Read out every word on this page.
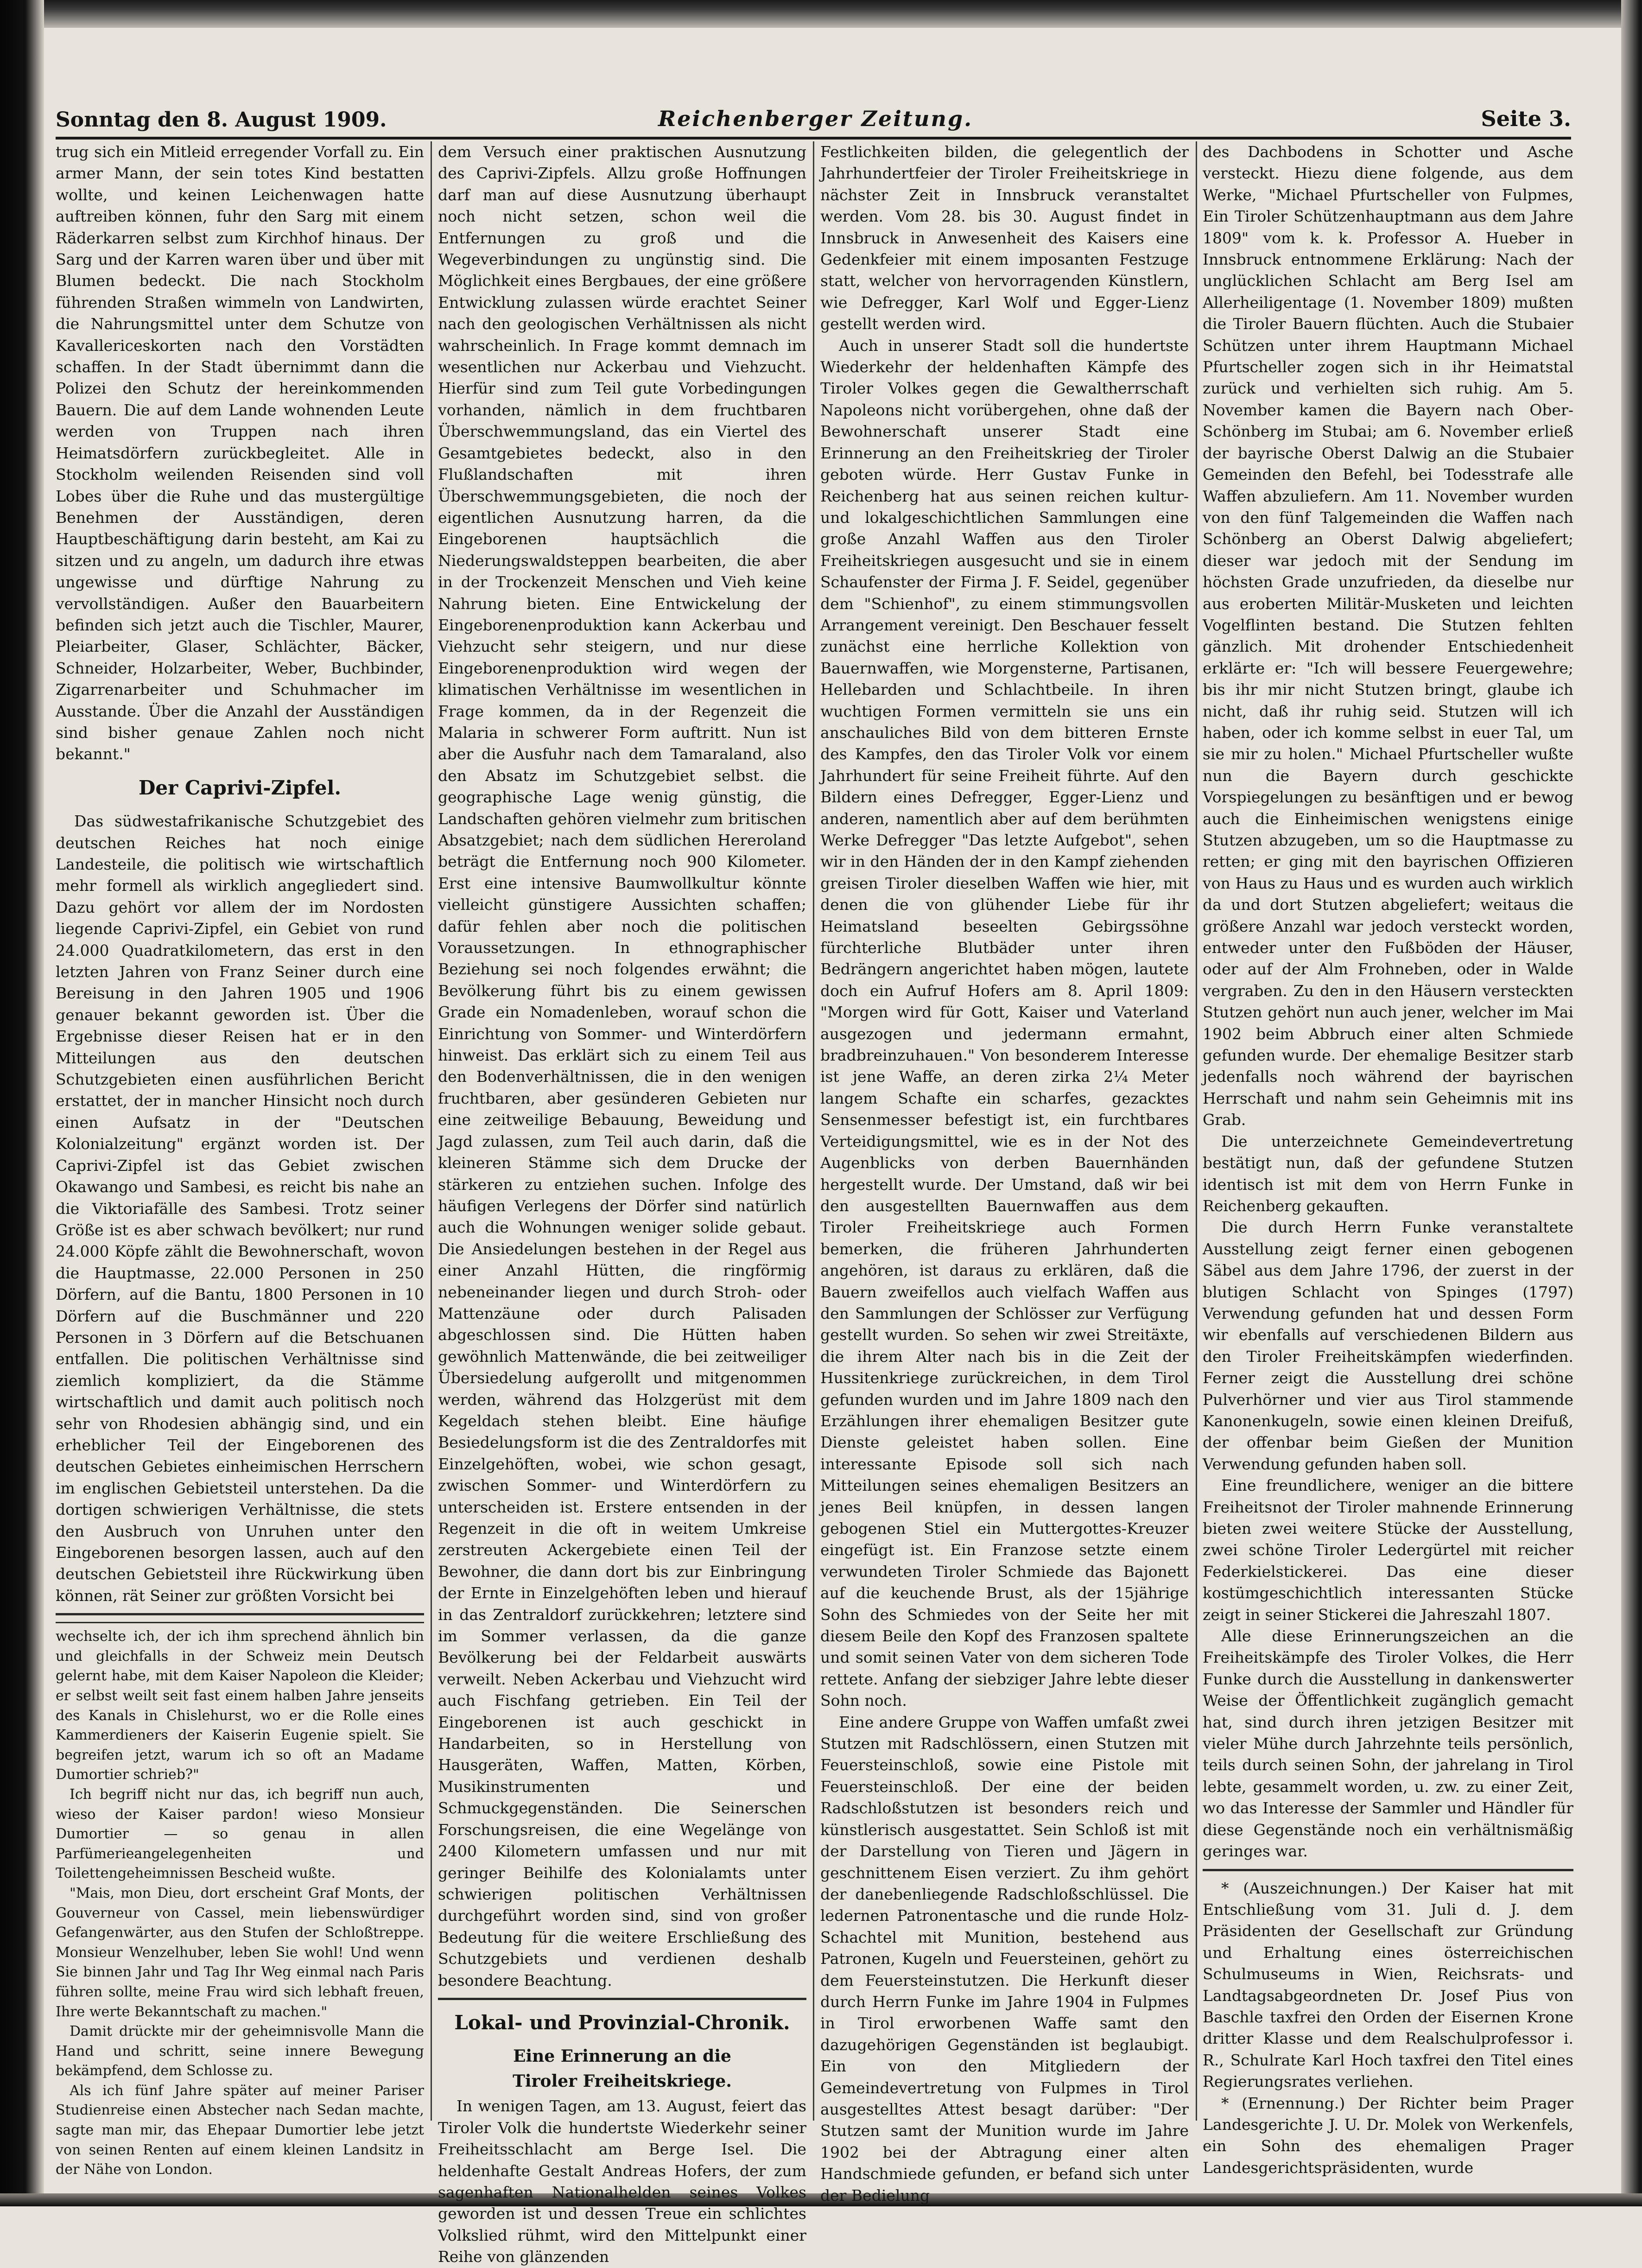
Sonntag den 8. August 1909.	Reichenberger Zeitung.	Seite 3.

trug sich ein Mitleid erregender Vorfall zu. Ein armer Mann, der sein totes Kind bestatten wollte, und keinen Leichenwagen hatte auftreiben können, fuhr den Sarg mit einem Räderkarren selbst zum Kirchhof hinaus. Der Sarg und der Karren waren über und über mit Blumen bedeckt. Die nach Stockholm führenden Straßen wimmeln von Landwirten, die Nahrungsmittel unter dem Schutze von Kavallericeskorten nach den Vorstädten schaffen. In der Stadt übernimmt dann die Polizei den Schutz der hereinkommenden Bauern. Die auf dem Lande wohnenden Leute werden von Truppen nach ihren Heimatsdörfern zurückbegleitet. Alle in Stockholm weilenden Reisenden sind voll Lobes über die Ruhe und das mustergültige Benehmen der Ausständigen, deren Hauptbeschäftigung darin besteht, am Kai zu sitzen und zu angeln, um dadurch ihre etwas ungewisse und dürftige Nahrung zu vervollständigen. Außer den Bauarbeitern befinden sich jetzt auch die Tischler, Maurer, Pleiarbeiter, Glaser, Schlächter, Bäcker, Schneider, Holzarbeiter, Weber, Buchbinder, Zigarrenarbeiter und Schuhmacher im Ausstande. Über die Anzahl der Ausständigen sind bisher genaue Zahlen noch nicht bekannt."

Der Caprivi-Zipfel.

Das südwestafrikanische Schutzgebiet des deutschen Reiches hat noch einige Landesteile, die politisch wie wirtschaftlich mehr formell als wirklich angegliedert sind. Dazu gehört vor allem der im Nordosten liegende Caprivi-Zipfel, ein Gebiet von rund 24.000 Quadratkilometern, das erst in den letzten Jahren von Franz Seiner durch eine Bereisung in den Jahren 1905 und 1906 genauer bekannt geworden ist. Über die Ergebnisse dieser Reisen hat er in den Mitteilungen aus den deutschen Schutzgebieten einen ausführlichen Bericht erstattet, der in mancher Hinsicht noch durch einen Aufsatz in der "Deutschen Kolonialzeitung" ergänzt worden ist. Der Caprivi-Zipfel ist das Gebiet zwischen Okawango und Sambesi, es reicht bis nahe an die Viktoriafälle des Sambesi. Trotz seiner Größe ist es aber schwach bevölkert; nur rund 24.000 Köpfe zählt die Bewohnerschaft, wovon die Hauptmasse, 22.000 Personen in 250 Dörfern, auf die Bantu, 1800 Personen in 10 Dörfern auf die Buschmänner und 220 Personen in 3 Dörfern auf die Betschuanen entfallen. Die politischen Verhältnisse sind ziemlich kompliziert, da die Stämme wirtschaftlich und damit auch politisch noch sehr von Rhodesien abhängig sind, und ein erheblicher Teil der Eingeborenen des deutschen Gebietes einheimischen Herrschern im englischen Gebietsteil unterstehen. Da die dortigen schwierigen Verhältnisse, die stets den Ausbruch von Unruhen unter den Eingeborenen besorgen lassen, auch auf den deutschen Gebietsteil ihre Rückwirkung üben können, rät Seiner zur größten Vorsicht bei

wechselte ich, der ich ihm sprechend ähnlich bin und gleichfalls in der Schweiz mein Deutsch gelernt habe, mit dem Kaiser Napoleon die Kleider; er selbst weilt seit fast einem halben Jahre jenseits des Kanals in Chislehurst, wo er die Rolle eines Kammerdieners der Kaiserin Eugenie spielt. Sie begreifen jetzt, warum ich so oft an Madame Dumortier schrieb?"

Ich begriff nicht nur das, ich begriff nun auch, wieso der Kaiser pardon! wieso Monsieur Dumortier — so genau in allen Parfümerieangelegenheiten und Toilettengeheimnissen Bescheid wußte.

"Mais, mon Dieu, dort erscheint Graf Monts, der Gouverneur von Cassel, mein liebenswürdiger Gefangenwärter, aus den Stufen der Schloßtreppe. Monsieur Wenzelhuber, leben Sie wohl! Und wenn Sie binnen Jahr und Tag Ihr Weg einmal nach Paris führen sollte, meine Frau wird sich lebhaft freuen, Ihre werte Bekanntschaft zu machen."

Damit drückte mir der geheimnisvolle Mann die Hand und schritt, seine innere Bewegung bekämpfend, dem Schlosse zu.

Als ich fünf Jahre später auf meiner Pariser Studienreise einen Abstecher nach Sedan machte, sagte man mir, das Ehepaar Dumortier lebe jetzt von seinen Renten auf einem kleinen Landsitz in der Nähe von London.

dem Versuch einer praktischen Ausnutzung des Caprivi-Zipfels. Allzu große Hoffnungen darf man auf diese Ausnutzung überhaupt noch nicht setzen, schon weil die Entfernungen zu groß und die Wegeverbindungen zu ungünstig sind. Die Möglichkeit eines Bergbaues, der eine größere Entwicklung zulassen würde erachtet Seiner nach den geologischen Verhältnissen als nicht wahrscheinlich. In Frage kommt demnach im wesentlichen nur Ackerbau und Viehzucht. Hierfür sind zum Teil gute Vorbedingungen vorhanden, nämlich in dem fruchtbaren Überschwemmungsland, das ein Viertel des Gesamtgebietes bedeckt, also in den Flußlandschaften mit ihren Überschwemmungsgebieten, die noch der eigentlichen Ausnutzung harren, da die Eingeborenen hauptsächlich die Niederungswaldsteppen bearbeiten, die aber in der Trockenzeit Menschen und Vieh keine Nahrung bieten. Eine Entwickelung der Eingeborenenproduktion kann Ackerbau und Viehzucht sehr steigern, und nur diese Eingeborenenproduktion wird wegen der klimatischen Verhältnisse im wesentlichen in Frage kommen, da in der Regenzeit die Malaria in schwerer Form auftritt. Nun ist aber die Ausfuhr nach dem Tamaraland, also den Absatz im Schutzgebiet selbst. die geographische Lage wenig günstig, die Landschaften gehören vielmehr zum britischen Absatzgebiet; nach dem südlichen Hereroland beträgt die Entfernung noch 900 Kilometer. Erst eine intensive Baumwollkultur könnte vielleicht günstigere Aussichten schaffen; dafür fehlen aber noch die politischen Voraussetzungen. In ethnographischer Beziehung sei noch folgendes erwähnt; die Bevölkerung führt bis zu einem gewissen Grade ein Nomadenleben, worauf schon die Einrichtung von Sommer- und Winterdörfern hinweist. Das erklärt sich zu einem Teil aus den Bodenverhältnissen, die in den wenigen fruchtbaren, aber gesünderen Gebieten nur eine zeitweilige Bebauung, Beweidung und Jagd zulassen, zum Teil auch darin, daß die kleineren Stämme sich dem Drucke der stärkeren zu entziehen suchen. Infolge des häufigen Verlegens der Dörfer sind natürlich auch die Wohnungen weniger solide gebaut. Die Ansiedelungen bestehen in der Regel aus einer Anzahl Hütten, die ringförmig nebeneinander liegen und durch Stroh- oder Mattenzäune oder durch Palisaden abgeschlossen sind. Die Hütten haben gewöhnlich Mattenwände, die bei zeitweiliger Übersiedelung aufgerollt und mitgenommen werden, während das Holzgerüst mit dem Kegeldach stehen bleibt. Eine häufige Besiedelungsform ist die des Zentraldorfes mit Einzelgehöften, wobei, wie schon gesagt, zwischen Sommer- und Winterdörfern zu unterscheiden ist. Erstere entsenden in der Regenzeit in die oft in weitem Umkreise zerstreuten Ackergebiete einen Teil der Bewohner, die dann dort bis zur Einbringung der Ernte in Einzelgehöften leben und hierauf in das Zentraldorf zurückkehren; letztere sind im Sommer verlassen, da die ganze Bevölkerung bei der Feldarbeit auswärts verweilt. Neben Ackerbau und Viehzucht wird auch Fischfang getrieben. Ein Teil der Eingeborenen ist auch geschickt in Handarbeiten, so in Herstellung von Hausgeräten, Waffen, Matten, Körben, Musikinstrumenten und Schmuckgegenständen. Die Seinerschen Forschungsreisen, die eine Wegelänge von 2400 Kilometern umfassen und nur mit geringer Beihilfe des Kolonialamts unter schwierigen politischen Verhältnissen durchgeführt worden sind, sind von großer Bedeutung für die weitere Erschließung des Schutzgebiets und verdienen deshalb besondere Beachtung.

Lokal- und Provinzial-Chronik.
Eine Erinnerung an die
Tiroler Freiheitskriege.

In wenigen Tagen, am 13. August, feiert das Tiroler Volk die hundertste Wiederkehr seiner Freiheitsschlacht am Berge Isel. Die heldenhafte Gestalt Andreas Hofers, der zum sagenhaften Nationalhelden seines Volkes geworden ist und dessen Treue ein schlichtes Volkslied rühmt, wird den Mittelpunkt einer Reihe von glänzenden

Festlichkeiten bilden, die gelegentlich der Jahrhundertfeier der Tiroler Freiheitskriege in nächster Zeit in Innsbruck veranstaltet werden. Vom 28. bis 30. August findet in Innsbruck in Anwesenheit des Kaisers eine Gedenkfeier mit einem imposanten Festzuge statt, welcher von hervorragenden Künstlern, wie Defregger, Karl Wolf und Egger-Lienz gestellt werden wird.

Auch in unserer Stadt soll die hundertste Wiederkehr der heldenhaften Kämpfe des Tiroler Volkes gegen die Gewaltherrschaft Napoleons nicht vorübergehen, ohne daß der Bewohnerschaft unserer Stadt eine Erinnerung an den Freiheitskrieg der Tiroler geboten würde. Herr Gustav Funke in Reichenberg hat aus seinen reichen kultur- und lokalgeschichtlichen Sammlungen eine große Anzahl Waffen aus den Tiroler Freiheitskriegen ausgesucht und sie in einem Schaufenster der Firma J. F. Seidel, gegenüber dem "Schienhof", zu einem stimmungsvollen Arrangement vereinigt. Den Beschauer fesselt zunächst eine herrliche Kollektion von Bauernwaffen, wie Morgensterne, Partisanen, Hellebarden und Schlachtbeile. In ihren wuchtigen Formen vermitteln sie uns ein anschauliches Bild von dem bitteren Ernste des Kampfes, den das Tiroler Volk vor einem Jahrhundert für seine Freiheit führte. Auf den Bildern eines Defregger, Egger-Lienz und anderen, namentlich aber auf dem berühmten Werke Defregger "Das letzte Aufgebot", sehen wir in den Händen der in den Kampf ziehenden greisen Tiroler dieselben Waffen wie hier, mit denen die von glühender Liebe für ihr Heimatsland beseelten Gebirgssöhne fürchterliche Blutbäder unter ihren Bedrängern angerichtet haben mögen, lautete doch ein Aufruf Hofers am 8. April 1809: "Morgen wird für Gott, Kaiser und Vaterland ausgezogen und jedermann ermahnt, bradbreinzuhauen." Von besonderem Interesse ist jene Waffe, an deren zirka 2¼ Meter langem Schafte ein scharfes, gezacktes Sensenmesser befestigt ist, ein furchtbares Verteidigungsmittel, wie es in der Not des Augenblicks von derben Bauernhänden hergestellt wurde. Der Umstand, daß wir bei den ausgestellten Bauernwaffen aus dem Tiroler Freiheitskriege auch Formen bemerken, die früheren Jahrhunderten angehören, ist daraus zu erklären, daß die Bauern zweifellos auch vielfach Waffen aus den Sammlungen der Schlösser zur Verfügung gestellt wurden. So sehen wir zwei Streitäxte, die ihrem Alter nach bis in die Zeit der Hussitenkriege zurückreichen, in dem Tirol gefunden wurden und im Jahre 1809 nach den Erzählungen ihrer ehemaligen Besitzer gute Dienste geleistet haben sollen. Eine interessante Episode soll sich nach Mitteilungen seines ehemaligen Besitzers an jenes Beil knüpfen, in dessen langen gebogenen Stiel ein Muttergottes-Kreuzer eingefügt ist. Ein Franzose setzte einem verwundeten Tiroler Schmiede das Bajonett auf die keuchende Brust, als der 15jährige Sohn des Schmiedes von der Seite her mit diesem Beile den Kopf des Franzosen spaltete und somit seinen Vater von dem sicheren Tode rettete. Anfang der siebziger Jahre lebte dieser Sohn noch.

Eine andere Gruppe von Waffen umfaßt zwei Stutzen mit Radschlössern, einen Stutzen mit Feuersteinschloß, sowie eine Pistole mit Feuersteinschloß. Der eine der beiden Radschloßstutzen ist besonders reich und künstlerisch ausgestattet. Sein Schloß ist mit der Darstellung von Tieren und Jägern in geschnittenem Eisen verziert. Zu ihm gehört der danebenliegende Radschloßschlüssel. Die ledernen Patronentasche und die runde Holz-Schachtel mit Munition, bestehend aus Patronen, Kugeln und Feuersteinen, gehört zu dem Feuersteinstutzen. Die Herkunft dieser durch Herrn Funke im Jahre 1904 in Fulpmes in Tirol erworbenen Waffe samt den dazugehörigen Gegenständen ist beglaubigt. Ein von den Mitgliedern der Gemeindevertretung von Fulpmes in Tirol ausgestelltes Attest besagt darüber: "Der Stutzen samt der Munition wurde im Jahre 1902 bei der Abtragung einer alten Handschmiede gefunden, er befand sich unter der Bedielung

des Dachbodens in Schotter und Asche versteckt. Hiezu diene folgende, aus dem Werke, "Michael Pfurtscheller von Fulpmes, Ein Tiroler Schützenhauptmann aus dem Jahre 1809" vom k. k. Professor A. Hueber in Innsbruck entnommene Erklärung: Nach der unglücklichen Schlacht am Berg Isel am Allerheiligentage (1. November 1809) mußten die Tiroler Bauern flüchten. Auch die Stubaier Schützen unter ihrem Hauptmann Michael Pfurtscheller zogen sich in ihr Heimatstal zurück und verhielten sich ruhig. Am 5. November kamen die Bayern nach Ober-Schönberg im Stubai; am 6. November erließ der bayrische Oberst Dalwig an die Stubaier Gemeinden den Befehl, bei Todesstrafe alle Waffen abzuliefern. Am 11. November wurden von den fünf Talgemeinden die Waffen nach Schönberg an Oberst Dalwig abgeliefert; dieser war jedoch mit der Sendung im höchsten Grade unzufrieden, da dieselbe nur aus eroberten Militär-Musketen und leichten Vogelflinten bestand. Die Stutzen fehlten gänzlich. Mit drohender Entschiedenheit erklärte er: "Ich will bessere Feuergewehre; bis ihr mir nicht Stutzen bringt, glaube ich nicht, daß ihr ruhig seid. Stutzen will ich haben, oder ich komme selbst in euer Tal, um sie mir zu holen." Michael Pfurtscheller wußte nun die Bayern durch geschickte Vorspiegelungen zu besänftigen und er bewog auch die Einheimischen wenigstens einige Stutzen abzugeben, um so die Hauptmasse zu retten; er ging mit den bayrischen Offizieren von Haus zu Haus und es wurden auch wirklich da und dort Stutzen abgeliefert; weitaus die größere Anzahl war jedoch versteckt worden, entweder unter den Fußböden der Häuser, oder auf der Alm Frohneben, oder in Walde vergraben. Zu den in den Häusern versteckten Stutzen gehört nun auch jener, welcher im Mai 1902 beim Abbruch einer alten Schmiede gefunden wurde. Der ehemalige Besitzer starb jedenfalls noch während der bayrischen Herrschaft und nahm sein Geheimnis mit ins Grab.

Die unterzeichnete Gemeindevertretung bestätigt nun, daß der gefundene Stutzen identisch ist mit dem von Herrn Funke in Reichenberg gekauften.

Die durch Herrn Funke veranstaltete Ausstellung zeigt ferner einen gebogenen Säbel aus dem Jahre 1796, der zuerst in der blutigen Schlacht von Spinges (1797) Verwendung gefunden hat und dessen Form wir ebenfalls auf verschiedenen Bildern aus den Tiroler Freiheitskämpfen wiederfinden. Ferner zeigt die Ausstellung drei schöne Pulverhörner und vier aus Tirol stammende Kanonenkugeln, sowie einen kleinen Dreifuß, der offenbar beim Gießen der Munition Verwendung gefunden haben soll.

Eine freundlichere, weniger an die bittere Freiheitsnot der Tiroler mahnende Erinnerung bieten zwei weitere Stücke der Ausstellung, zwei schöne Tiroler Ledergürtel mit reicher Federkielstickerei. Das eine dieser kostümgeschichtlich interessanten Stücke zeigt in seiner Stickerei die Jahreszahl 1807.

Alle diese Erinnerungszeichen an die Freiheitskämpfe des Tiroler Volkes, die Herr Funke durch die Ausstellung in dankenswerter Weise der Öffentlichkeit zugänglich gemacht hat, sind durch ihren jetzigen Besitzer mit vieler Mühe durch Jahrzehnte teils persönlich, teils durch seinen Sohn, der jahrelang in Tirol lebte, gesammelt worden, u. zw. zu einer Zeit, wo das Interesse der Sammler und Händler für diese Gegenstände noch ein verhältnismäßig geringes war.

* (Auszeichnungen.) Der Kaiser hat mit Entschließung vom 31. Juli d. J. dem Präsidenten der Gesellschaft zur Gründung und Erhaltung eines österreichischen Schulmuseums in Wien, Reichsrats- und Landtagsabgeordneten Dr. Josef Pius von Baschle taxfrei den Orden der Eisernen Krone dritter Klasse und dem Realschulprofessor i. R., Schulrate Karl Hoch taxfrei den Titel eines Regierungsrates verliehen.

* (Ernennung.) Der Richter beim Prager Landesgerichte J. U. Dr. Molek von Werkenfels, ein Sohn des ehemaligen Prager Landesgerichtspräsidenten, wurde
